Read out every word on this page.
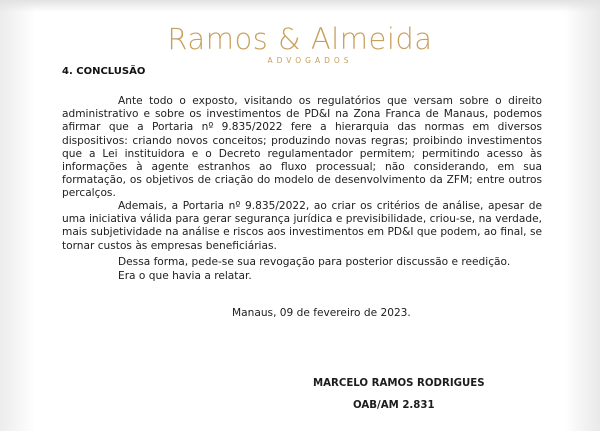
Ramos & Almeida
ADVOGADOS
4. CONCLUSÃO
Ante todo o exposto, visitando os regulatórios que versam sobre o direito administrativo e sobre os investimentos de PD&I na Zona Franca de Manaus, podemos afirmar que a Portaria nº 9.835/2022 fere a hierarquia das normas em diversos dispositivos: criando novos conceitos; produzindo novas regras; proibindo investimentos que a Lei instituidora e o Decreto regulamentador permitem; permitindo acesso às informações à agente estranhos ao fluxo processual; não considerando, em sua formatação, os objetivos de criação do modelo de desenvolvimento da ZFM; entre outros percalços.
Ademais, a Portaria nº 9.835/2022, ao criar os critérios de análise, apesar de uma iniciativa válida para gerar segurança jurídica e previsibilidade, criou-se, na verdade, mais subjetividade na análise e riscos aos investimentos em PD&I que podem, ao final, se tornar custos às empresas beneficiárias.
Dessa forma, pede-se sua revogação para posterior discussão e reedição.
Era o que havia a relatar.
Manaus, 09 de fevereiro de 2023.
MARCELO RAMOS RODRIGUES
OAB/AM 2.831
